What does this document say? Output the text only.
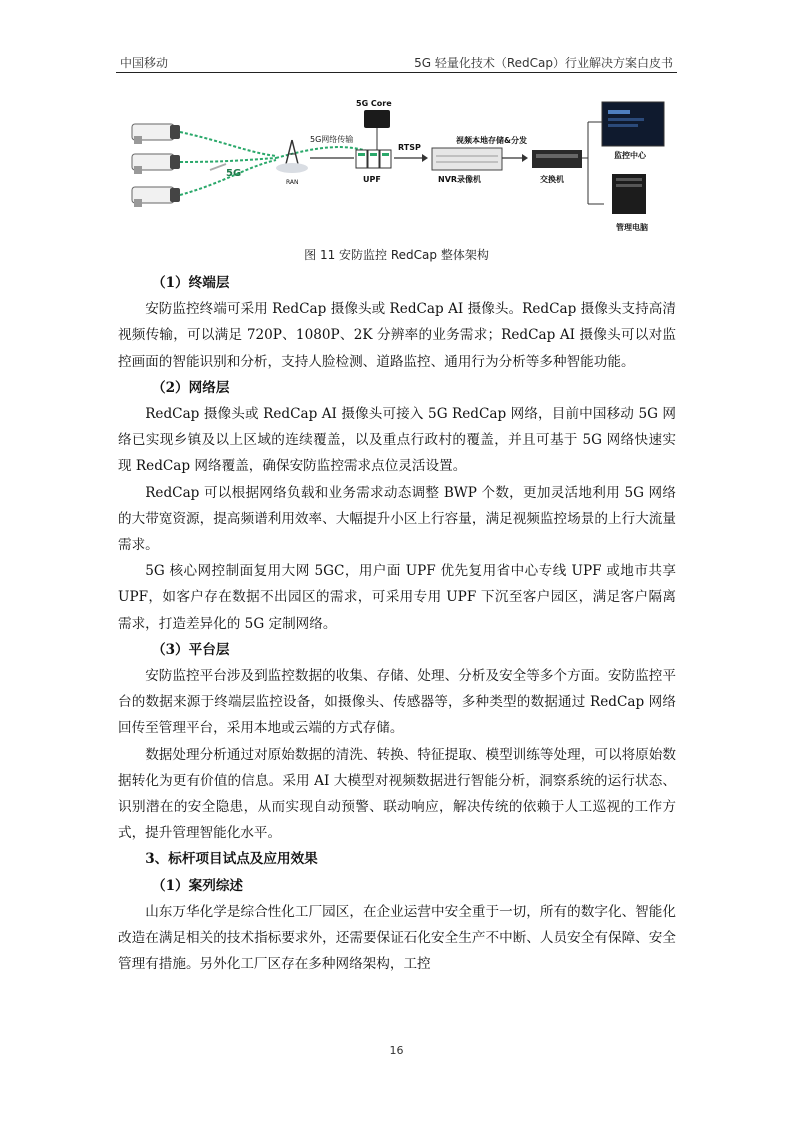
中国移动	5G 轻量化技术（RedCap）行业解决方案白皮书
5G
RAN
5G网络传输
5G Core
UPF
RTSP
视频本地存储&分发
NVR录像机	交换机
监控中心
管理电脑
图 11 安防监控 RedCap 整体架构

（1）终端层

安防监控终端可采用 RedCap 摄像头或 RedCap AI 摄像头。RedCap 摄像头支持高清视频传输，可以满足 720P、1080P、2K 分辨率的业务需求；RedCap AI 摄像头可以对监控画面的智能识别和分析，支持人脸检测、道路监控、通用行为分析等多种智能功能。

（2）网络层

RedCap 摄像头或 RedCap AI 摄像头可接入 5G RedCap 网络，目前中国移动 5G 网络已实现乡镇及以上区域的连续覆盖，以及重点行政村的覆盖，并且可基于 5G 网络快速实现 RedCap 网络覆盖，确保安防监控需求点位灵活设置。

RedCap 可以根据网络负载和业务需求动态调整 BWP 个数，更加灵活地利用 5G 网络的大带宽资源，提高频谱利用效率、大幅提升小区上行容量，满足视频监控场景的上行大流量需求。

5G 核心网控制面复用大网 5GC，用户面 UPF 优先复用省中心专线 UPF 或地市共享 UPF，如客户存在数据不出园区的需求，可采用专用 UPF 下沉至客户园区，满足客户隔离需求，打造差异化的 5G 定制网络。

（3）平台层

安防监控平台涉及到监控数据的收集、存储、处理、分析及安全等多个方面。安防监控平台的数据来源于终端层监控设备，如摄像头、传感器等，多种类型的数据通过 RedCap 网络回传至管理平台，采用本地或云端的方式存储。

数据处理分析通过对原始数据的清洗、转换、特征提取、模型训练等处理，可以将原始数据转化为更有价值的信息。采用 AI 大模型对视频数据进行智能分析，洞察系统的运行状态、识别潜在的安全隐患，从而实现自动预警、联动响应，解决传统的依赖于人工巡视的工作方式，提升管理智能化水平。

3、标杆项目试点及应用效果

（1）案列综述

山东万华化学是综合性化工厂园区，在企业运营中安全重于一切，所有的数字化、智能化改造在满足相关的技术指标要求外，还需要保证石化安全生产不中断、人员安全有保障、安全管理有措施。另外化工厂区存在多种网络架构，工控

16
